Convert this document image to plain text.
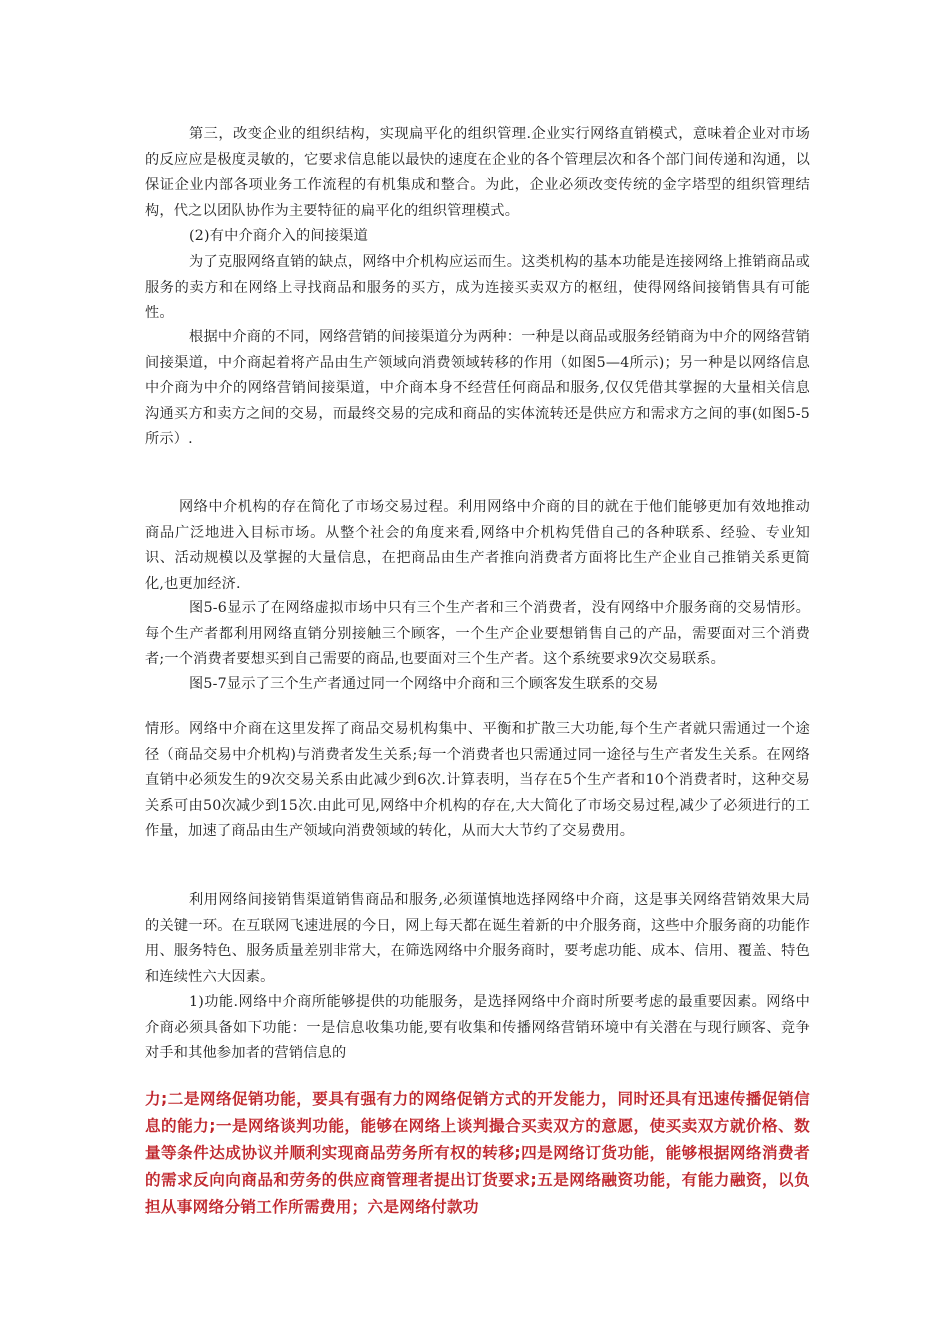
第三，改变企业的组织结构，实现扁平化的组织管理.企业实行网络直销模式，意味着企业对市场的反应应是极度灵敏的，它要求信息能以最快的速度在企业的各个管理层次和各个部门间传递和沟通，以保证企业内部各项业务工作流程的有机集成和整合。为此，企业必须改变传统的金字塔型的组织管理结构，代之以团队协作为主要特征的扁平化的组织管理模式。

(2)有中介商介入的间接渠道

为了克服网络直销的缺点，网络中介机构应运而生。这类机构的基本功能是连接网络上推销商品或服务的卖方和在网络上寻找商品和服务的买方，成为连接买卖双方的枢纽，使得网络间接销售具有可能性。

根据中介商的不同，网络营销的间接渠道分为两种：一种是以商品或服务经销商为中介的网络营销间接渠道，中介商起着将产品由生产领域向消费领域转移的作用（如图5—4所示)；另一种是以网络信息中介商为中介的网络营销间接渠道，中介商本身不经营任何商品和服务,仅仅凭借其掌握的大量相关信息沟通买方和卖方之间的交易，而最终交易的完成和商品的实体流转还是供应方和需求方之间的事(如图5-5所示）.

网络中介机构的存在简化了市场交易过程。利用网络中介商的目的就在于他们能够更加有效地推动商品广泛地进入目标市场。从整个社会的角度来看,网络中介机构凭借自己的各种联系、经验、专业知识、活动规模以及掌握的大量信息，在把商品由生产者推向消费者方面将比生产企业自己推销关系更简化,也更加经济.

图5-6显示了在网络虚拟市场中只有三个生产者和三个消费者，没有网络中介服务商的交易情形。每个生产者都利用网络直销分别接触三个顾客，一个生产企业要想销售自己的产品，需要面对三个消费者;一个消费者要想买到自己需要的商品,也要面对三个生产者。这个系统要求9次交易联系。

图5-7显示了三个生产者通过同一个网络中介商和三个顾客发生联系的交易

情形。网络中介商在这里发挥了商品交易机构集中、平衡和扩散三大功能,每个生产者就只需通过一个途径（商品交易中介机构)与消费者发生关系;每一个消费者也只需通过同一途径与生产者发生关系。在网络直销中必须发生的9次交易关系由此减少到6次.计算表明，当存在5个生产者和10个消费者时，这种交易关系可由50次减少到15次.由此可见,网络中介机构的存在,大大简化了市场交易过程,减少了必须进行的工作量，加速了商品由生产领域向消费领域的转化，从而大大节约了交易费用。

利用网络间接销售渠道销售商品和服务,必须谨慎地选择网络中介商，这是事关网络营销效果大局的关键一环。在互联网飞速进展的今日，网上每天都在诞生着新的中介服务商，这些中介服务商的功能作用、服务特色、服务质量差别非常大，在筛选网络中介服务商时，要考虑功能、成本、信用、覆盖、特色和连续性六大因素。

1)功能.网络中介商所能够提供的功能服务，是选择网络中介商时所要考虑的最重要因素。网络中介商必须具备如下功能：一是信息收集功能,要有收集和传播网络营销环境中有关潜在与现行顾客、竞争对手和其他参加者的营销信息的

力;二是网络促销功能，要具有强有力的网络促销方式的开发能力，同时还具有迅速传播促销信息的能力;一是网络谈判功能，能够在网络上谈判撮合买卖双方的意愿，使买卖双方就价格、数量等条件达成协议并顺利实现商品劳务所有权的转移;四是网络订货功能，能够根据网络消费者的需求反向向商品和劳务的供应商管理者提出订货要求;五是网络融资功能，有能力融资，以负担从事网络分销工作所需费用；六是网络付款功
